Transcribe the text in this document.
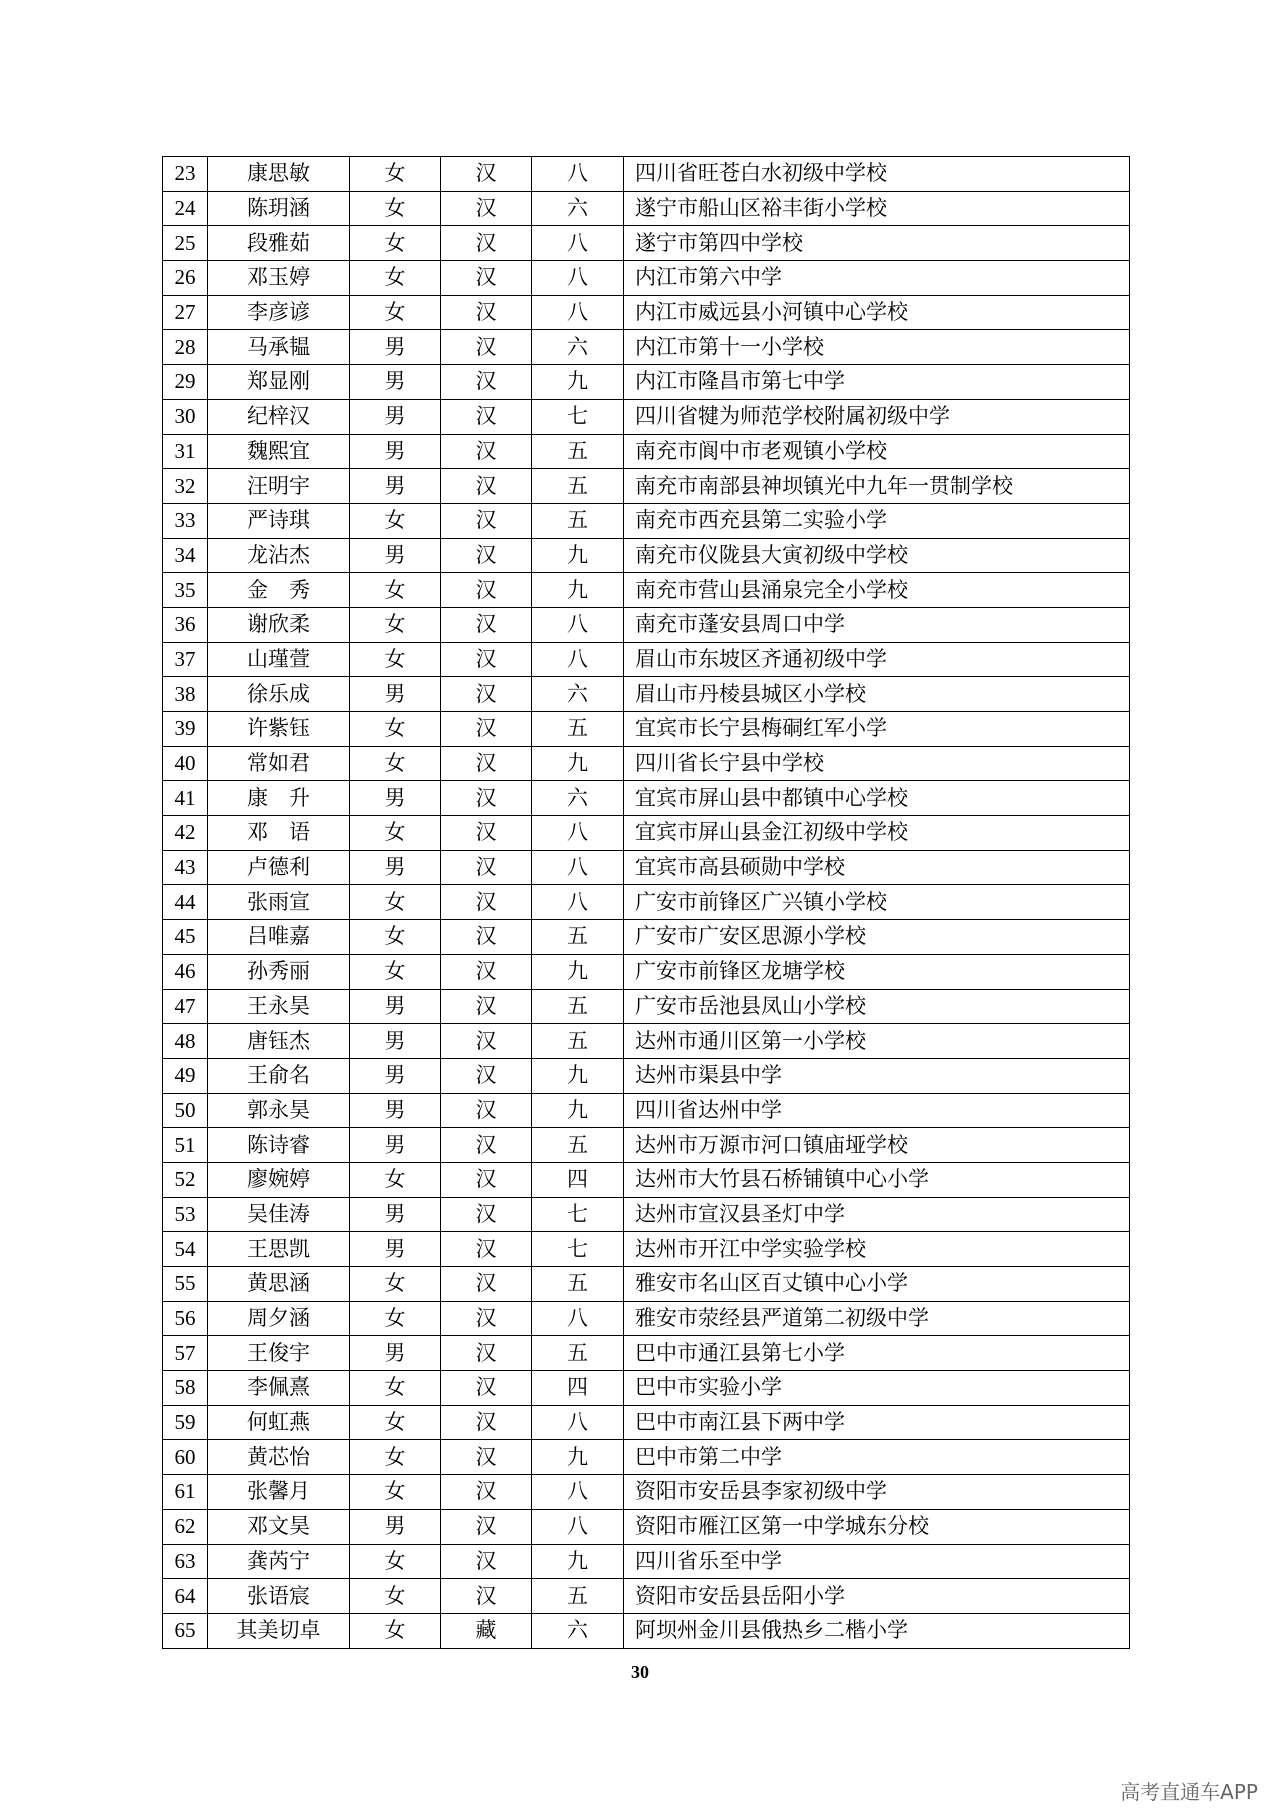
23	康思敏	女	汉	八	四川省旺苍白水初级中学校
24	陈玥涵	女	汉	六	遂宁市船山区裕丰街小学校
25	段雅茹	女	汉	八	遂宁市第四中学校
26	邓玉婷	女	汉	八	内江市第六中学
27	李彦谚	女	汉	八	内江市威远县小河镇中心学校
28	马承韫	男	汉	六	内江市第十一小学校
29	郑显刚	男	汉	九	内江市隆昌市第七中学
30	纪梓汉	男	汉	七	四川省犍为师范学校附属初级中学
31	魏熙宜	男	汉	五	南充市阆中市老观镇小学校
32	汪明宇	男	汉	五	南充市南部县神坝镇光中九年一贯制学校
33	严诗琪	女	汉	五	南充市西充县第二实验小学
34	龙沾杰	男	汉	九	南充市仪陇县大寅初级中学校
35	金　秀	女	汉	九	南充市营山县涌泉完全小学校
36	谢欣柔	女	汉	八	南充市蓬安县周口中学
37	山瑾萱	女	汉	八	眉山市东坡区齐通初级中学
38	徐乐成	男	汉	六	眉山市丹棱县城区小学校
39	许紫钰	女	汉	五	宜宾市长宁县梅硐红军小学
40	常如君	女	汉	九	四川省长宁县中学校
41	康　升	男	汉	六	宜宾市屏山县中都镇中心学校
42	邓　语	女	汉	八	宜宾市屏山县金江初级中学校
43	卢德利	男	汉	八	宜宾市高县硕勋中学校
44	张雨宣	女	汉	八	广安市前锋区广兴镇小学校
45	吕唯嘉	女	汉	五	广安市广安区思源小学校
46	孙秀丽	女	汉	九	广安市前锋区龙塘学校
47	王永昊	男	汉	五	广安市岳池县凤山小学校
48	唐钰杰	男	汉	五	达州市通川区第一小学校
49	王俞名	男	汉	九	达州市渠县中学
50	郭永昊	男	汉	九	四川省达州中学
51	陈诗睿	男	汉	五	达州市万源市河口镇庙垭学校
52	廖婉婷	女	汉	四	达州市大竹县石桥铺镇中心小学
53	吴佳涛	男	汉	七	达州市宣汉县圣灯中学
54	王思凯	男	汉	七	达州市开江中学实验学校
55	黄思涵	女	汉	五	雅安市名山区百丈镇中心小学
56	周夕涵	女	汉	八	雅安市荥经县严道第二初级中学
57	王俊宇	男	汉	五	巴中市通江县第七小学
58	李佩熹	女	汉	四	巴中市实验小学
59	何虹燕	女	汉	八	巴中市南江县下两中学
60	黄芯怡	女	汉	九	巴中市第二中学
61	张馨月	女	汉	八	资阳市安岳县李家初级中学
62	邓文昊	男	汉	八	资阳市雁江区第一中学城东分校
63	龚芮宁	女	汉	九	四川省乐至中学
64	张语宸	女	汉	五	资阳市安岳县岳阳小学
65	其美切卓	女	藏	六	阿坝州金川县俄热乡二楷小学
30
高考直通车APP
